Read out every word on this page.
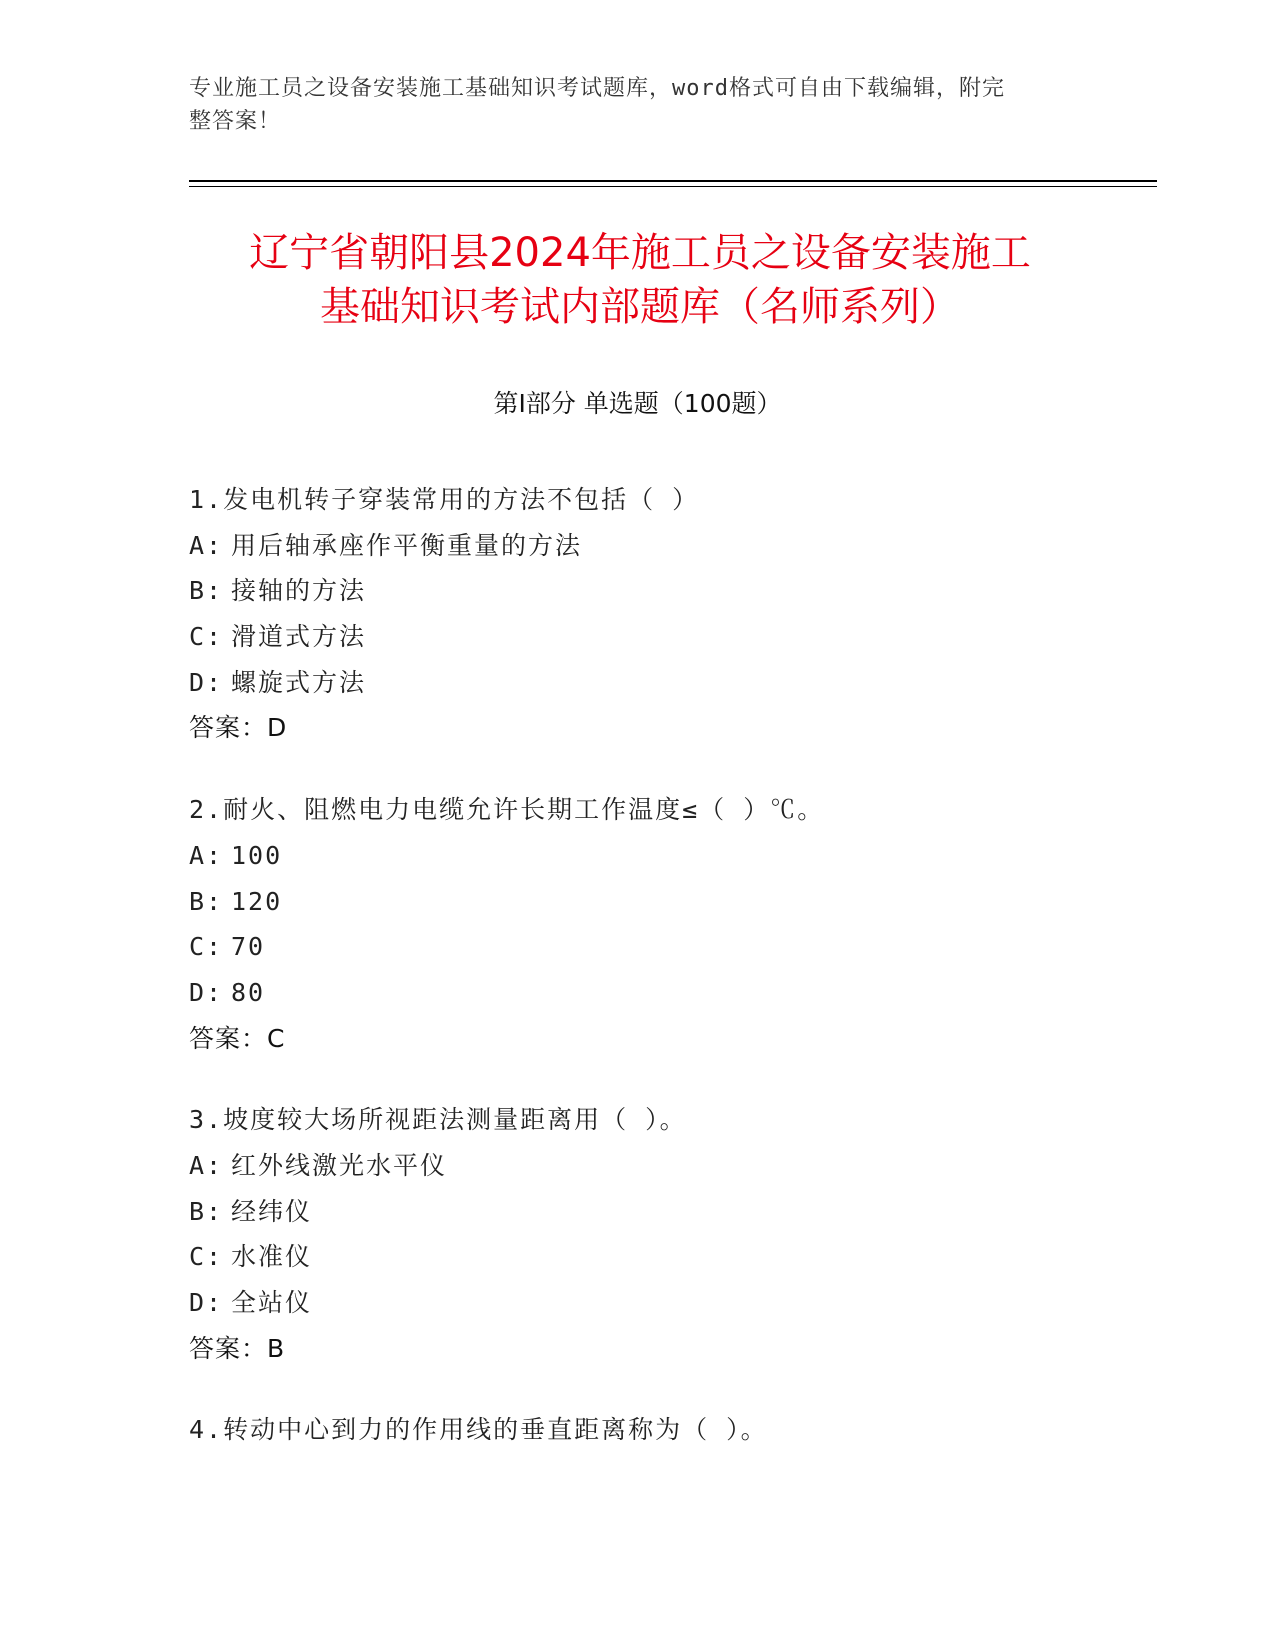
专业施工员之设备安装施工基础知识考试题库，word格式可自由下载编辑，附完
整答案！
辽宁省朝阳县2024年施工员之设备安装施工
基础知识考试内部题库（名师系列）
第Ⅰ部分 单选题（100题）
1.发电机转子穿装常用的方法不包括（ ）
A: 用后轴承座作平衡重量的方法
B: 接轴的方法
C: 滑道式方法
D: 螺旋式方法
答案：D
2.耐火、阻燃电力电缆允许长期工作温度≤（ ）℃。
A: 100
B: 120
C: 70
D: 80
答案：C
3.坡度较大场所视距法测量距离用（ ）。
A: 红外线激光水平仪
B: 经纬仪
C: 水准仪
D: 全站仪
答案：B
4.转动中心到力的作用线的垂直距离称为（ ）。
